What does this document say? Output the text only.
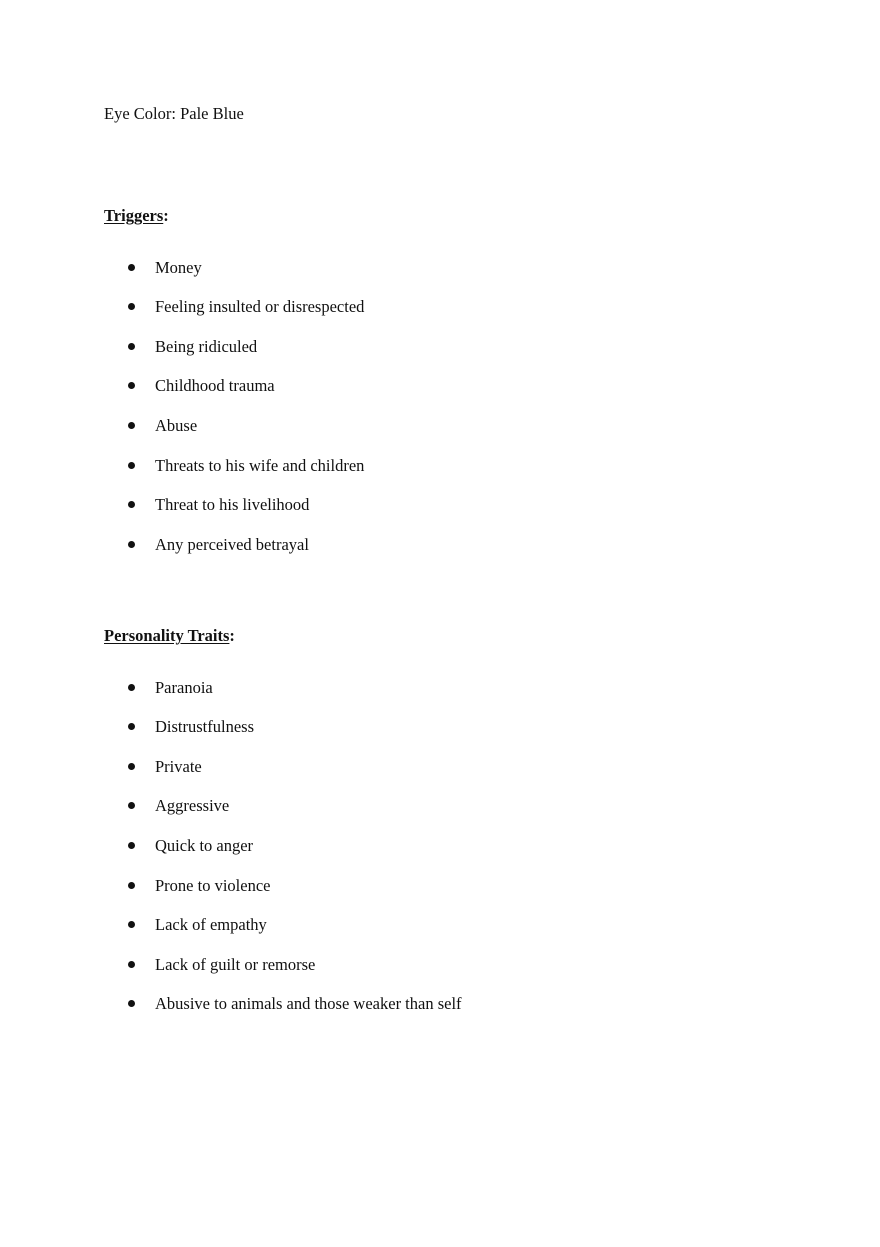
Eye Color: Pale Blue
Triggers:
Money
Feeling insulted or disrespected
Being ridiculed
Childhood trauma
Abuse
Threats to his wife and children
Threat to his livelihood
Any perceived betrayal
Personality Traits:
Paranoia
Distrustfulness
Private
Aggressive
Quick to anger
Prone to violence
Lack of empathy
Lack of guilt or remorse
Abusive to animals and those weaker than self
